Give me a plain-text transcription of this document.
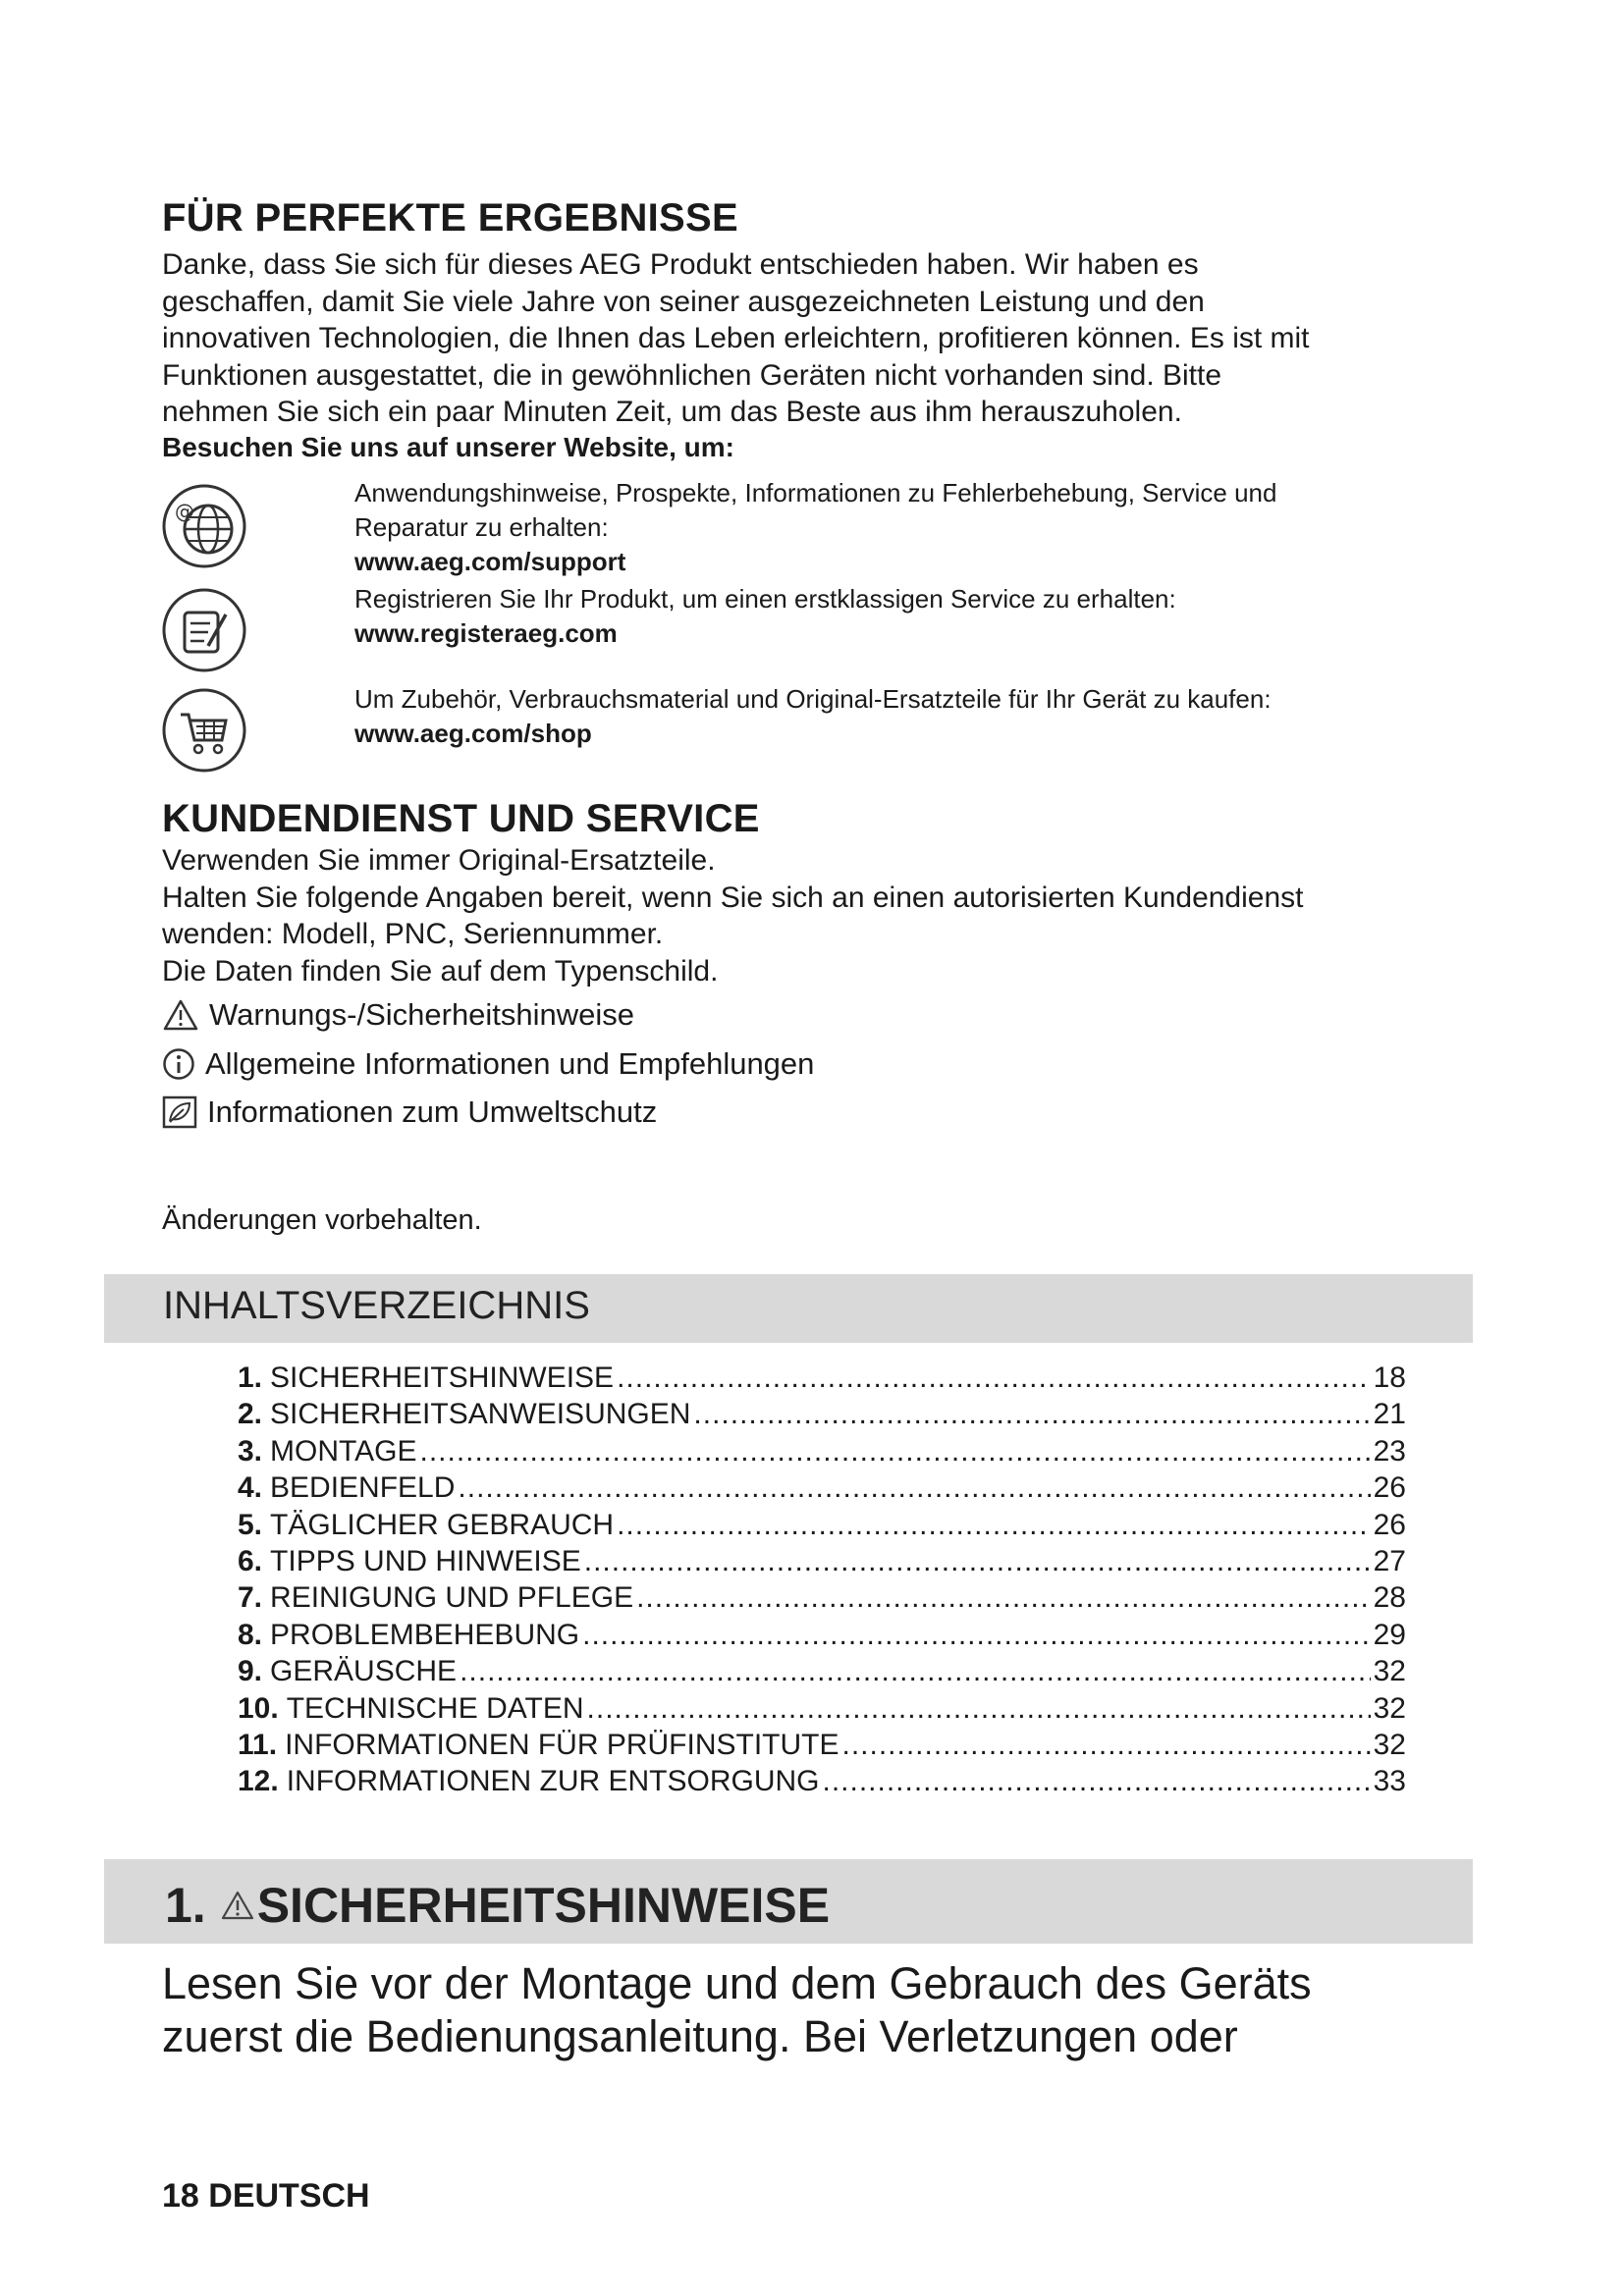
FÜR PERFEKTE ERGEBNISSE
Danke, dass Sie sich für dieses AEG Produkt entschieden haben. Wir haben es
geschaffen, damit Sie viele Jahre von seiner ausgezeichneten Leistung und den
innovativen Technologien, die Ihnen das Leben erleichtern, profitieren können. Es ist mit
Funktionen ausgestattet, die in gewöhnlichen Geräten nicht vorhanden sind. Bitte
nehmen Sie sich ein paar Minuten Zeit, um das Beste aus ihm herauszuholen.
Besuchen Sie uns auf unserer Website, um:
@
Anwendungshinweise, Prospekte, Informationen zu Fehlerbehebung, Service und
Reparatur zu erhalten:
www.aeg.com/support
Registrieren Sie Ihr Produkt, um einen erstklassigen Service zu erhalten:
www.registeraeg.com
Um Zubehör, Verbrauchsmaterial und Original-Ersatzteile für Ihr Gerät zu kaufen:
www.aeg.com/shop
KUNDENDIENST UND SERVICE
Verwenden Sie immer Original-Ersatzteile.
Halten Sie folgende Angaben bereit, wenn Sie sich an einen autorisierten Kundendienst
wenden: Modell, PNC, Seriennummer.
Die Daten finden Sie auf dem Typenschild.
Warnungs-/Sicherheitshinweise
Allgemeine Informationen und Empfehlungen
Informationen zum Umweltschutz
Änderungen vorbehalten.
INHALTSVERZEICHNIS
1. SICHERHEITSHINWEISE .....	18
2. SICHERHEITSANWEISUNGEN .....	21
3. MONTAGE .....	23
4. BEDIENFELD .....	26
5. TÄGLICHER GEBRAUCH .....	26
6. TIPPS UND HINWEISE .....	27
7. REINIGUNG UND PFLEGE .....	28
8. PROBLEMBEHEBUNG .....	29
9. GERÄUSCHE .....	32
10. TECHNISCHE DATEN .....	32
11. INFORMATIONEN FÜR PRÜFINSTITUTE .....	32
12. INFORMATIONEN ZUR ENTSORGUNG .....	33
1. SICHERHEITSHINWEISE
Lesen Sie vor der Montage und dem Gebrauch des Geräts
zuerst die Bedienungsanleitung. Bei Verletzungen oder
18 DEUTSCH
